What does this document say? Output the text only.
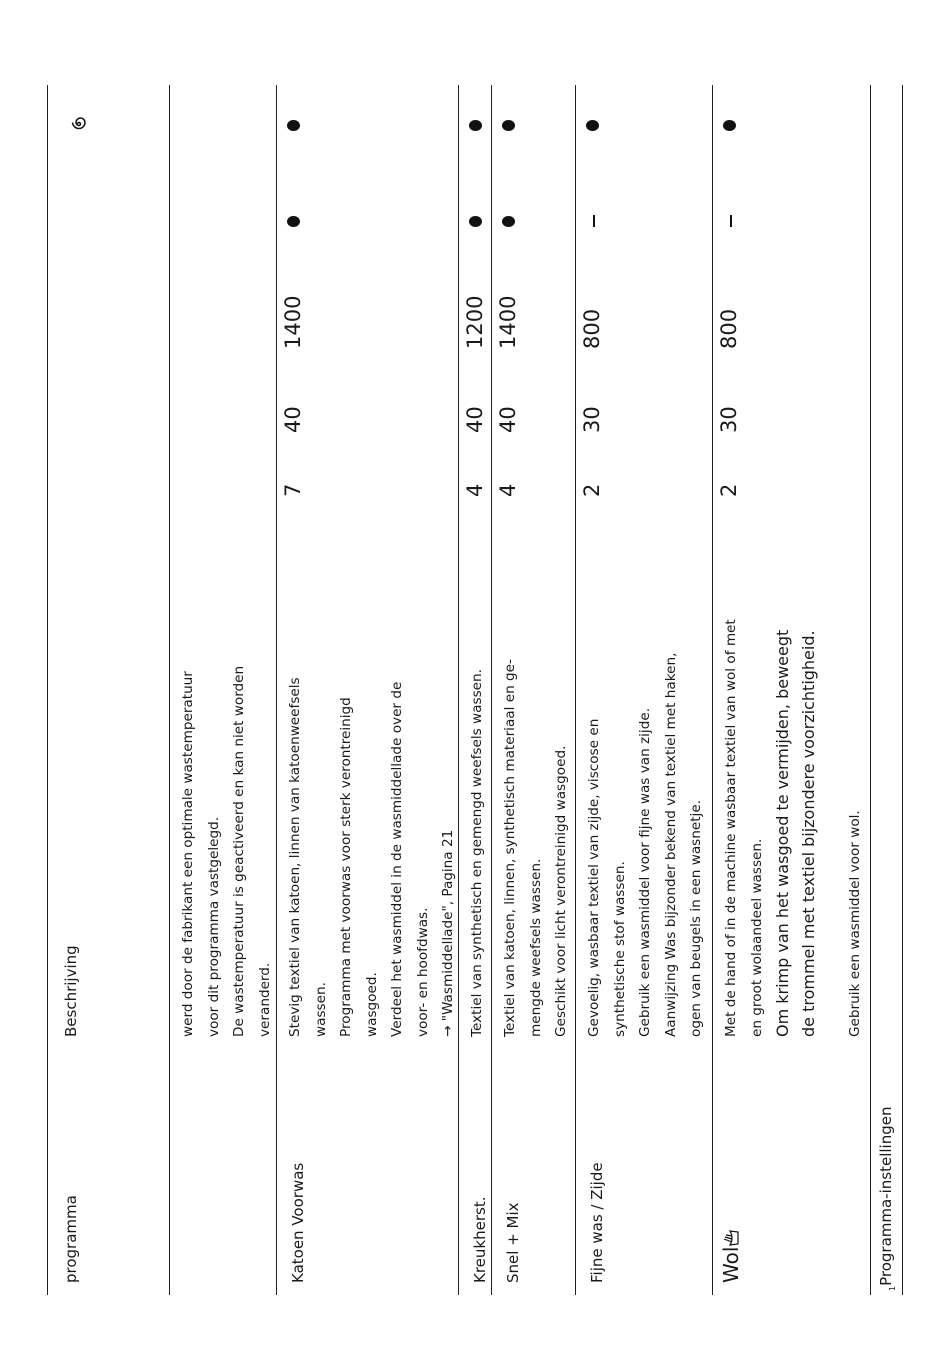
programma
Beschrijving	werd door de fabrikant een optimale wastemperatuur voor dit programma vastgelegd. De wastemperatuur is geactiveerd en kan niet worden veranderd.
$_1$Programma-instellingen
Katoen Voorwas
Stevig textiel van katoen, linnen van katoenweefsels wassen. Programma met voorwas voor sterk verontreinigd wasgoed. Verdeel het wasmiddel in de wasmiddellade over de voor- en hoofdwas. → "Wasmiddellade", Pagina 21
7
40
1400
Kreukherst.
Textiel van synthetisch en gemengd weefsels wassen.
4
40
1200
Snel + Mix
Textiel van katoen, linnen, synthetisch materiaal en ge- mengde weefsels wassen. Geschikt voor licht verontreinigd wasgoed.
4
40
1400
Fijne was / Zijde
Gevoelig, wasbaar textiel van zijde, viscose en synthetische stof wassen. Gebruik een wasmiddel voor fijne was van zijde. Aanwijzing Was bijzonder bekend van textiel met haken, ogen van beugels in een wasnetje.
2
30
800
Wol
Met de hand of in de machine wasbaar textiel van wol of met en groot wolaandeel wassen. Om krimp van het wasgoed te vermijden, beweegt de trommel met textiel bijzondere voorzichtigheid. Gebruik een wasmiddel voor wol.
2
30
800
